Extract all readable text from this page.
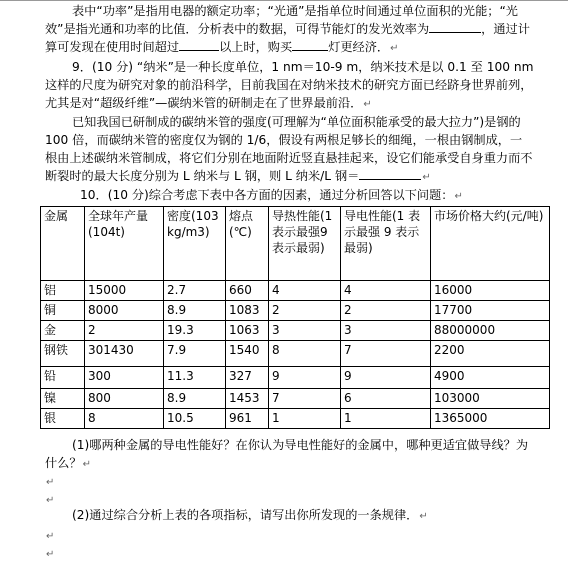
表中“功率”是指用电器的额定功率；“光通”是指单位时间通过单位面积的光能；“光
效”是指光通和功率的比值．分析表中的数据，可得节能灯的发光效率为	，通过计
算可发现在使用时间超过	以上时，购买	灯更经济．↵
9．(10 分) “纳米”是一种长度单位，1 nm＝10-9 m，纳米技术是以 0.1 至 100 nm
这样的尺度为研究对象的前沿科学，目前我国在对纳米技术的研究方面已经跻身世界前列，
尤其是对“超级纤维”—碳纳米管的研制走在了世界最前沿．↵
已知我国已研制成的碳纳米管的强度(可理解为“单位面积能承受的最大拉力”)是钢的
100 倍，而碳纳米管的密度仅为钢的 1/6，假设有两根足够长的细绳，一根由钢制成，一
根由上述碳纳米管制成，将它们分别在地面附近竖直悬挂起来，设它们能承受自身重力而不
断裂时的最大长度分别为 L 纳米与 L 钢，则 L 纳米/L 钢＝	↵
10．(10 分)综合考虑下表中各方面的因素，通过分析回答以下问题：↵
金属	全球年产量(104t)	密度(103 kg/m3)	熔点(℃)	导热性能(1 表示最强9表示最弱)	导电性能(1 表示最强 9 表示最弱)	市场价格大约(元/吨)
铝	15000	2.7	660	4	4	16000
铜	8000	8.9	1083	2	2	17700
金	2	19.3	1063	3	3	88000000
钢铁	301430	7.9	1540	8	7	2200
铅	300	11.3	327	9	9	4900
镍	800	8.9	1453	7	6	103000
银	8	10.5	961	1	1	1365000
(1)哪两种金属的导电性能好？在你认为导电性能好的金属中，哪种更适宜做导线？为
什么？↵
↵
↵
(2)通过综合分析上表的各项指标，请写出你所发现的一条规律．↵
↵
↵
